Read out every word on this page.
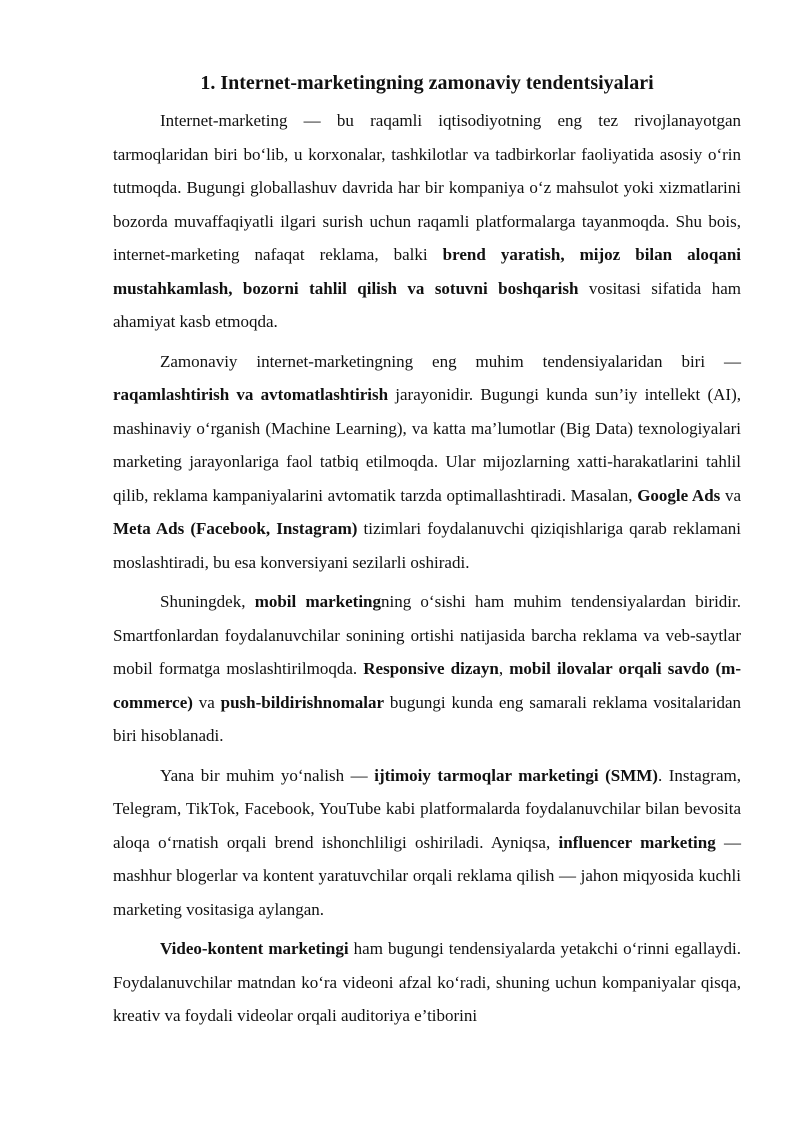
1. Internet-marketingning zamonaviy tendentsiyalari

Internet-marketing — bu raqamli iqtisodiyotning eng tez rivojlanayotgan tarmoqlaridan biri bo‘lib, u korxonalar, tashkilotlar va tadbirkorlar faoliyatida asosiy o‘rin tutmoqda. Bugungi globallashuv davrida har bir kompaniya o‘z mahsulot yoki xizmatlarini bozorda muvaffaqiyatli ilgari surish uchun raqamli platformalarga tayanmoqda. Shu bois, internet-marketing nafaqat reklama, balki brend yaratish, mijoz bilan aloqani mustahkamlash, bozorni tahlil qilish va sotuvni boshqarish vositasi sifatida ham ahamiyat kasb etmoqda.

Zamonaviy internet-marketingning eng muhim tendensiyalaridan biri — raqamlashtirish va avtomatlashtirish jarayonidir. Bugungi kunda sun’iy intellekt (AI), mashinaviy o‘rganish (Machine Learning), va katta ma’lumotlar (Big Data) texnologiyalari marketing jarayonlariga faol tatbiq etilmoqda. Ular mijozlarning xatti-harakatlarini tahlil qilib, reklama kampaniyalarini avtomatik tarzda optimallashtiradi. Masalan, Google Ads va Meta Ads (Facebook, Instagram) tizimlari foydalanuvchi qiziqishlariga qarab reklamani moslashtiradi, bu esa konversiyani sezilarli oshiradi.

Shuningdek, mobil marketingning o‘sishi ham muhim tendensiyalardan biridir. Smartfonlardan foydalanuvchilar sonining ortishi natijasida barcha reklama va veb-saytlar mobil formatga moslashtirilmoqda. Responsive dizayn, mobil ilovalar orqali savdo (m-commerce) va push-bildirishnomalar bugungi kunda eng samarali reklama vositalaridan biri hisoblanadi.

Yana bir muhim yo‘nalish — ijtimoiy tarmoqlar marketingi (SMM). Instagram, Telegram, TikTok, Facebook, YouTube kabi platformalarda foydalanuvchilar bilan bevosita aloqa o‘rnatish orqali brend ishonchliligi oshiriladi. Ayniqsa, influencer marketing — mashhur blogerlar va kontent yaratuvchilar orqali reklama qilish — jahon miqyosida kuchli marketing vositasiga aylangan.

Video-kontent marketingi ham bugungi tendensiyalarda yetakchi o‘rinni egallaydi. Foydalanuvchilar matndan ko‘ra videoni afzal ko‘radi, shuning uchun kompaniyalar qisqa, kreativ va foydali videolar orqali auditoriya e’tiborini
